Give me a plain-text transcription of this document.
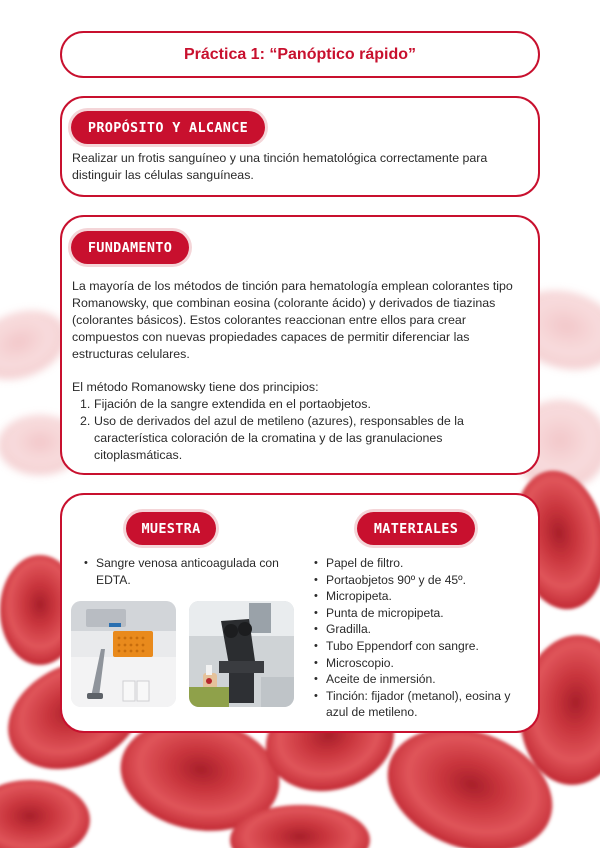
Práctica 1: “Panóptico rápido”
PROPÓSITO Y ALCANCE

Realizar un frotis sanguíneo y una tinción hematológica correctamente para distinguir las células sanguíneas.

FUNDAMENTO

La mayoría de los métodos de tinción para hematología emplean colorantes tipo Romanowsky, que combinan eosina (colorante ácido) y derivados de tiazinas (colorantes básicos). Estos colorantes reaccionan entre ellos para crear compuestos con nuevas propiedades capaces de permitir diferenciar las estructuras celulares.

El método Romanowsky tiene dos principios:

1. Fijación de la sangre extendida en el portaobjetos.
2. Uso de derivados del azul de metileno (azures), responsables de la característica coloración de la cromatina y de las granulaciones citoplasmáticas.
MUESTRA	MATERIALES
• Sangre venosa anticoagulada con EDTA.
• Papel de filtro.
• Portaobjetos 90º y de 45º.
• Micropipeta.
• Punta de micropipeta.
• Gradilla.
• Tubo Eppendorf con sangre.
• Microscopio.
• Aceite de inmersión.
• Tinción: fijador (metanol), eosina y azul de metileno.
